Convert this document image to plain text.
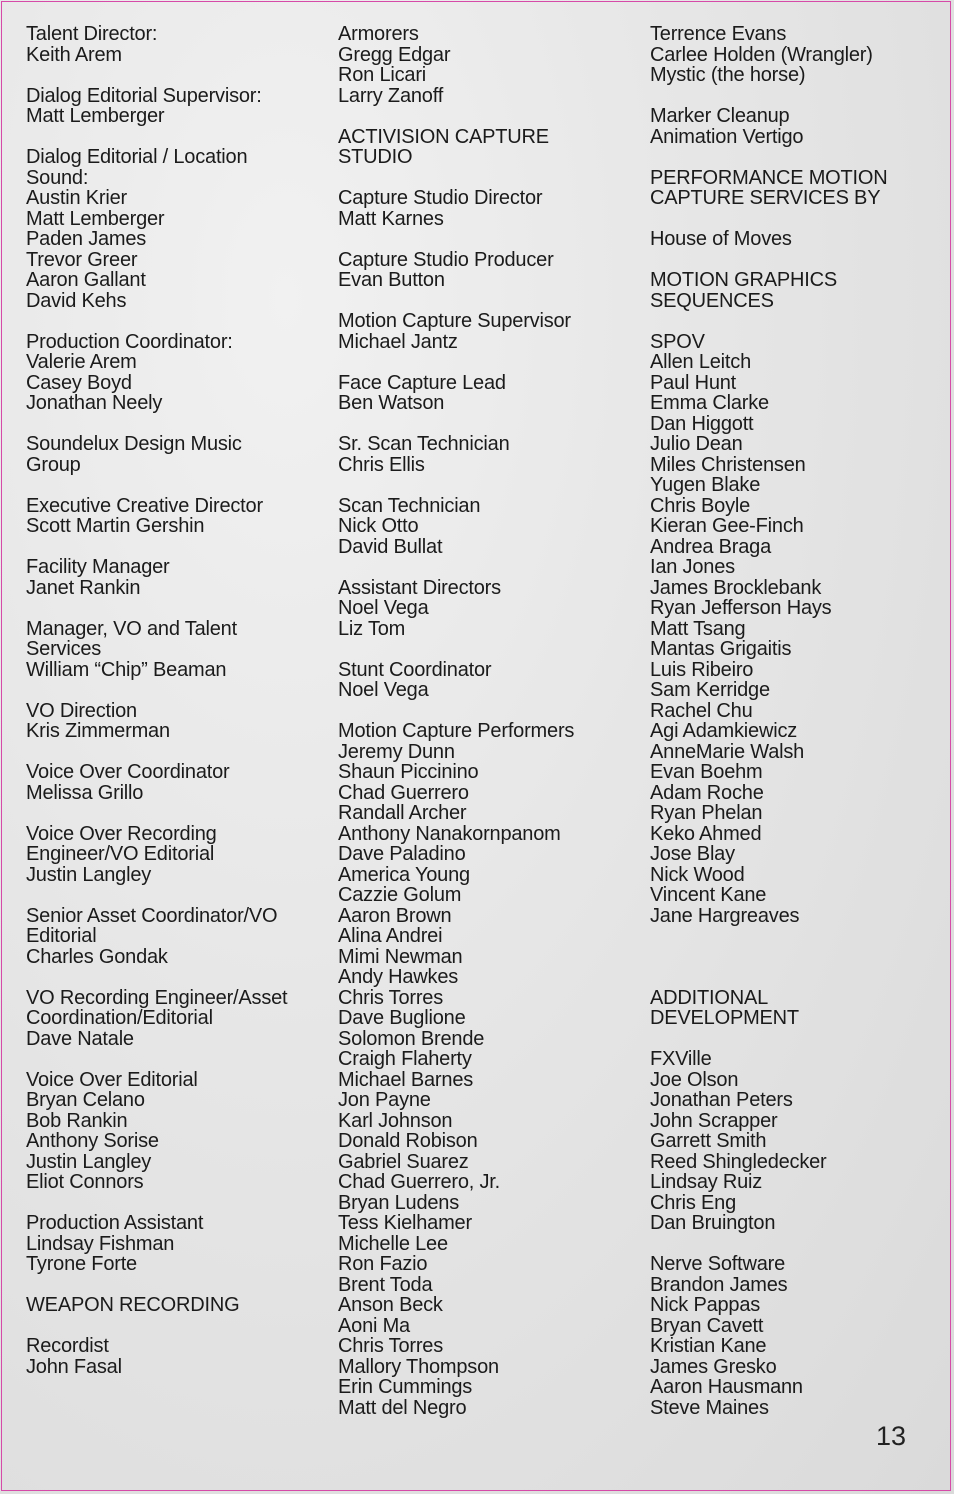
Talent Director:
Keith Arem
Dialog Editorial Supervisor:
Matt Lemberger
Dialog Editorial / Location
Sound:
Austin Krier
Matt Lemberger
Paden James
Trevor Greer
Aaron Gallant
David Kehs
Production Coordinator:
Valerie Arem
Casey Boyd
Jonathan Neely
Soundelux Design Music
Group
Executive Creative Director
Scott Martin Gershin
Facility Manager
Janet Rankin
Manager, VO and Talent
Services
William “Chip” Beaman
VO Direction
Kris Zimmerman
Voice Over Coordinator
Melissa Grillo
Voice Over Recording
Engineer/VO Editorial
Justin Langley
Senior Asset Coordinator/VO
Editorial
Charles Gondak
VO Recording Engineer/Asset
Coordination/Editorial
Dave Natale
Voice Over Editorial
Bryan Celano
Bob Rankin
Anthony Sorise
Justin Langley
Eliot Connors
Production Assistant
Lindsay Fishman
Tyrone Forte
WEAPON RECORDING
Recordist
John Fasal
Armorers
Gregg Edgar
Ron Licari
Larry Zanoff
ACTIVISION CAPTURE
STUDIO
Capture Studio Director
Matt Karnes
Capture Studio Producer
Evan Button
Motion Capture Supervisor
Michael Jantz
Face Capture Lead
Ben Watson
Sr. Scan Technician
Chris Ellis
Scan Technician
Nick Otto
David Bullat
Assistant Directors
Noel Vega
Liz Tom
Stunt Coordinator
Noel Vega
Motion Capture Performers
Jeremy Dunn
Shaun Piccinino
Chad Guerrero
Randall Archer
Anthony Nanakornpanom
Dave Paladino
America Young
Cazzie Golum
Aaron Brown
Alina Andrei
Mimi Newman
Andy Hawkes
Chris Torres
Dave Buglione
Solomon Brende
Craigh Flaherty
Michael Barnes
Jon Payne
Karl Johnson
Donald Robison
Gabriel Suarez
Chad Guerrero, Jr.
Bryan Ludens
Tess Kielhamer
Michelle Lee
Ron Fazio
Brent Toda
Anson Beck
Aoni Ma
Chris Torres
Mallory Thompson
Erin Cummings
Matt del Negro
Terrence Evans
Carlee Holden (Wrangler)
Mystic (the horse)
Marker Cleanup
Animation Vertigo
PERFORMANCE MOTION
CAPTURE SERVICES BY
House of Moves
MOTION GRAPHICS
SEQUENCES
SPOV
Allen Leitch
Paul Hunt
Emma Clarke
Dan Higgott
Julio Dean
Miles Christensen
Yugen Blake
Chris Boyle
Kieran Gee-Finch
Andrea Braga
Ian Jones
James Brocklebank
Ryan Jefferson Hays
Matt Tsang
Mantas Grigaitis
Luis Ribeiro
Sam Kerridge
Rachel Chu
Agi Adamkiewicz
AnneMarie Walsh
Evan Boehm
Adam Roche
Ryan Phelan
Keko Ahmed
Jose Blay
Nick Wood
Vincent Kane
Jane Hargreaves
ADDITIONAL
DEVELOPMENT
FXVille
Joe Olson
Jonathan Peters
John Scrapper
Garrett Smith
Reed Shingledecker
Lindsay Ruiz
Chris Eng
Dan Bruington
Nerve Software
Brandon James
Nick Pappas
Bryan Cavett
Kristian Kane
James Gresko
Aaron Hausmann
Steve Maines
13
